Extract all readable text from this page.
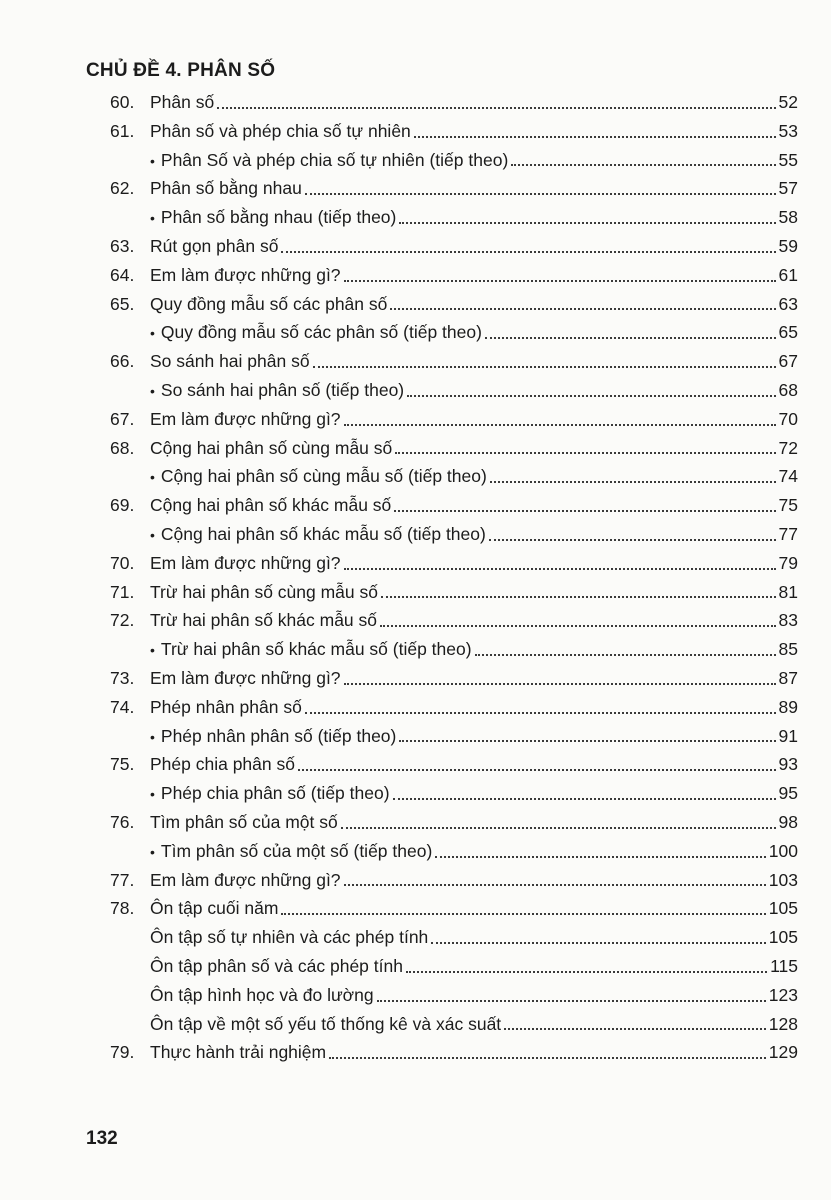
CHỦ ĐỀ 4. PHÂN SỐ
60. Phân số	52
61. Phân số và phép chia số tự nhiên	53
• Phân Số và phép chia số tự nhiên (tiếp theo)	55
62. Phân số bằng nhau	57
• Phân số bằng nhau (tiếp theo)	58
63. Rút gọn phân số	59
64. Em làm được những gì?	61
65. Quy đồng mẫu số các phân số	63
• Quy đồng mẫu số các phân số (tiếp theo)	65
66. So sánh hai phân số	67
• So sánh hai phân số (tiếp theo)	68
67. Em làm được những gì?	70
68. Cộng hai phân số cùng mẫu số	72
• Cộng hai phân số cùng mẫu số (tiếp theo)	74
69. Cộng hai phân số khác mẫu số	75
• Cộng hai phân số khác mẫu số (tiếp theo)	77
70. Em làm được những gì?	79
71. Trừ hai phân số cùng mẫu số	81
72. Trừ hai phân số khác mẫu số	83
• Trừ hai phân số khác mẫu số (tiếp theo)	85
73. Em làm được những gì?	87
74. Phép nhân phân số	89
• Phép nhân phân số (tiếp theo)	91
75. Phép chia phân số	93
• Phép chia phân số (tiếp theo)	95
76. Tìm phân số của một số	98
• Tìm phân số của một số (tiếp theo)	100
77. Em làm được những gì?	103
78. Ôn tập cuối năm	105
Ôn tập số tự nhiên và các phép tính	105
Ôn tập phân số và các phép tính	115
Ôn tập hình học và đo lường	123
Ôn tập về một số yếu tố thống kê và xác suất	128
79. Thực hành trải nghiệm	129
132
